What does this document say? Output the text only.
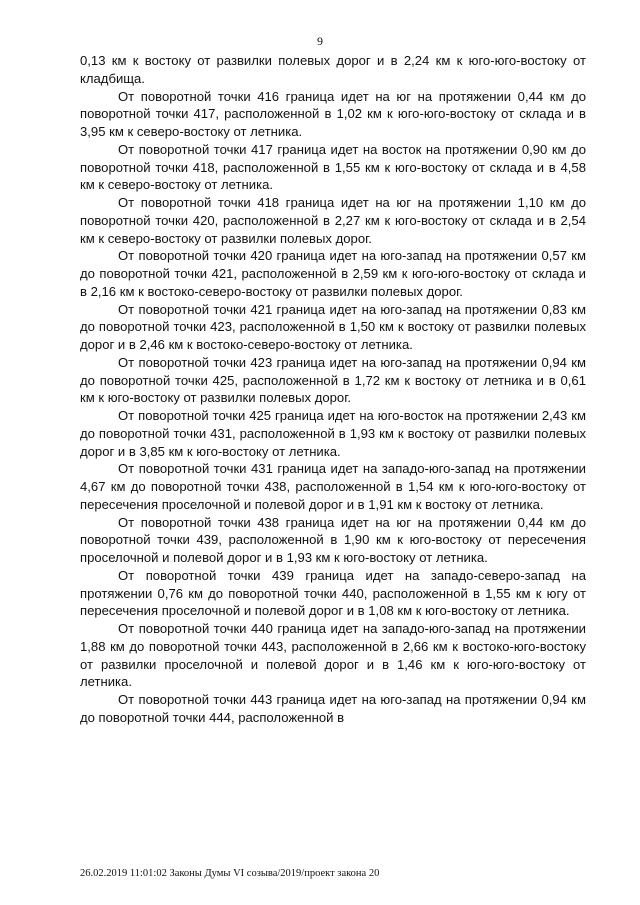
9

0,13 км к востоку от развилки полевых дорог и в 2,24 км к юго-юго-востоку от кладбища.

От поворотной точки 416 граница идет на юг на протяжении 0,44 км до поворотной точки 417, расположенной в 1,02 км к юго-юго-востоку от склада и в 3,95 км к северо-востоку от летника.

От поворотной точки 417 граница идет на восток на протяжении 0,90 км до поворотной точки 418, расположенной в 1,55 км к юго-востоку от склада и в 4,58 км к северо-востоку от летника.

От поворотной точки 418 граница идет на юг на протяжении 1,10 км до поворотной точки 420, расположенной в 2,27 км к юго-востоку от склада и в 2,54 км к северо-востоку от развилки полевых дорог.

От поворотной точки 420 граница идет на юго-запад на протяжении 0,57 км до поворотной точки 421, расположенной в 2,59 км к юго-юго-востоку от склада и в 2,16 км к востоко-северо-востоку от развилки полевых дорог.

От поворотной точки 421 граница идет на юго-запад на протяжении 0,83 км до поворотной точки 423, расположенной в 1,50 км к востоку от развилки полевых дорог и в 2,46 км к востоко-северо-востоку от летника.

От поворотной точки 423 граница идет на юго-запад на протяжении 0,94 км до поворотной точки 425, расположенной в 1,72 км к востоку от летника и в 0,61 км к юго-востоку от развилки полевых дорог.

От поворотной точки 425 граница идет на юго-восток на протяжении 2,43 км до поворотной точки 431, расположенной в 1,93 км к востоку от развилки полевых дорог и в 3,85 км к юго-востоку от летника.

От поворотной точки 431 граница идет на западо-юго-запад на протяжении 4,67 км до поворотной точки 438, расположенной в 1,54 км к юго-юго-востоку от пересечения проселочной и полевой дорог и в 1,91 км к востоку от летника.

От поворотной точки 438 граница идет на юг на протяжении 0,44 км до поворотной точки 439, расположенной в 1,90 км к юго-востоку от пересечения проселочной и полевой дорог и в 1,93 км к юго-востоку от летника.

От поворотной точки 439 граница идет на западо-северо-запад на протяжении 0,76 км до поворотной точки 440, расположенной в 1,55 км к югу от пересечения проселочной и полевой дорог и в 1,08 км к юго-востоку от летника.

От поворотной точки 440 граница идет на западо-юго-запад на протяжении 1,88 км до поворотной точки 443, расположенной в 2,66 км к востоко-юго-востоку от развилки проселочной и полевой дорог и в 1,46 км к юго-юго-востоку от летника.

От поворотной точки 443 граница идет на юго-запад на протяжении 0,94 км до поворотной точки 444, расположенной в

26.02.2019 11:01:02 Законы Думы VI созыва/2019/проект закона 20
